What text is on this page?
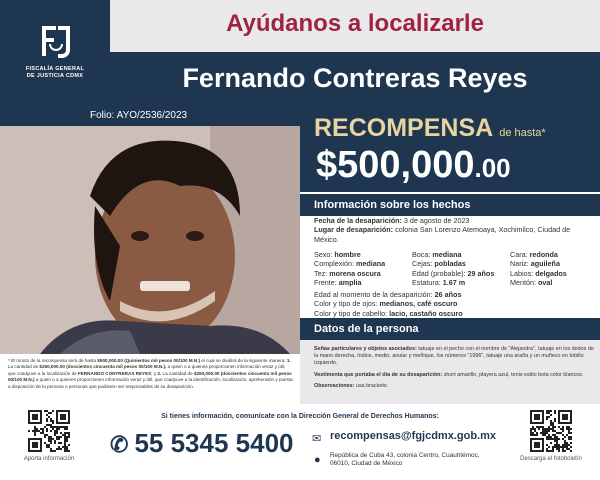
FISCALÍA GENERAL
DE JUSTICIA CDMX
Ayúdanos a localizarle
Fernando Contreras Reyes
Folio: AYO/2536/2023
* El monto de la recompensa será de hasta $500,000.00 (Quinientos mil pesos 00/100 M.N.) el cual se dividirá de la siguiente manera: 1. La cantidad de $250,000.00 (doscientos cincuenta mil pesos 00/100 M.N.), a quien o a quienes proporcionen información veraz y útil, que coadyuve a la localización de FERNANDO CONTRERAS REYES; y 2. La cantidad de $250,000.00 (doscientos cincuenta mil pesos 00/100 M.N.) a quien o a quienes proporcionen información veraz y útil, que coadyuve a la identificación, localización, aprehensión y puesta a disposición de la persona o personas que pudiesen ser responsables de su desaparición.
RECOMPENSA de hasta*
$500,000.00
Información sobre los hechos
Fecha de la desaparición: 3 de agosto de 2023
Lugar de desaparición: colonia San Lorenzo Atemoaya, Xochimilco, Ciudad de México.
Sexo: hombre
Complexión: mediana
Tez: morena oscura
Frente: amplia
Boca: mediana
Cejas: pobladas
Edad (probable): 29 años
Estatura: 1.67 m
Cara: redonda
Nariz: aguileña
Labios: delgados
Mentón: oval
Edad al momento de la desaparición: 26 años
Color y tipo de ojos: medianos, café oscuro
Color y tipo de cabello: lacio, castaño oscuro
Datos de la persona

Señas particulares y objetos asociados: tatuaje en el pecho con el nombre de "Alejandra", tatuaje en los dedos de la mano derecha, índice, medio, anular y meñique, los números "1996", tatuaje una araña y un muñeco en tobillo izquierdo.

Vestimenta que portaba el día de su desaparición: short amarillo, playera azul, tenis estilo bota color blancos.

Observaciones: usa brackets.

Si tienes información, comunícate con la Dirección General de Derechos Humanos:
Aporta información
✆ 55 5345 5400 ✉ recompensas@fgjcdmx.gob.mx
● República de Cuba 43, colonia Centro, Cuauhtémoc, 06010, Ciudad de México
Descarga el fotoboletín
